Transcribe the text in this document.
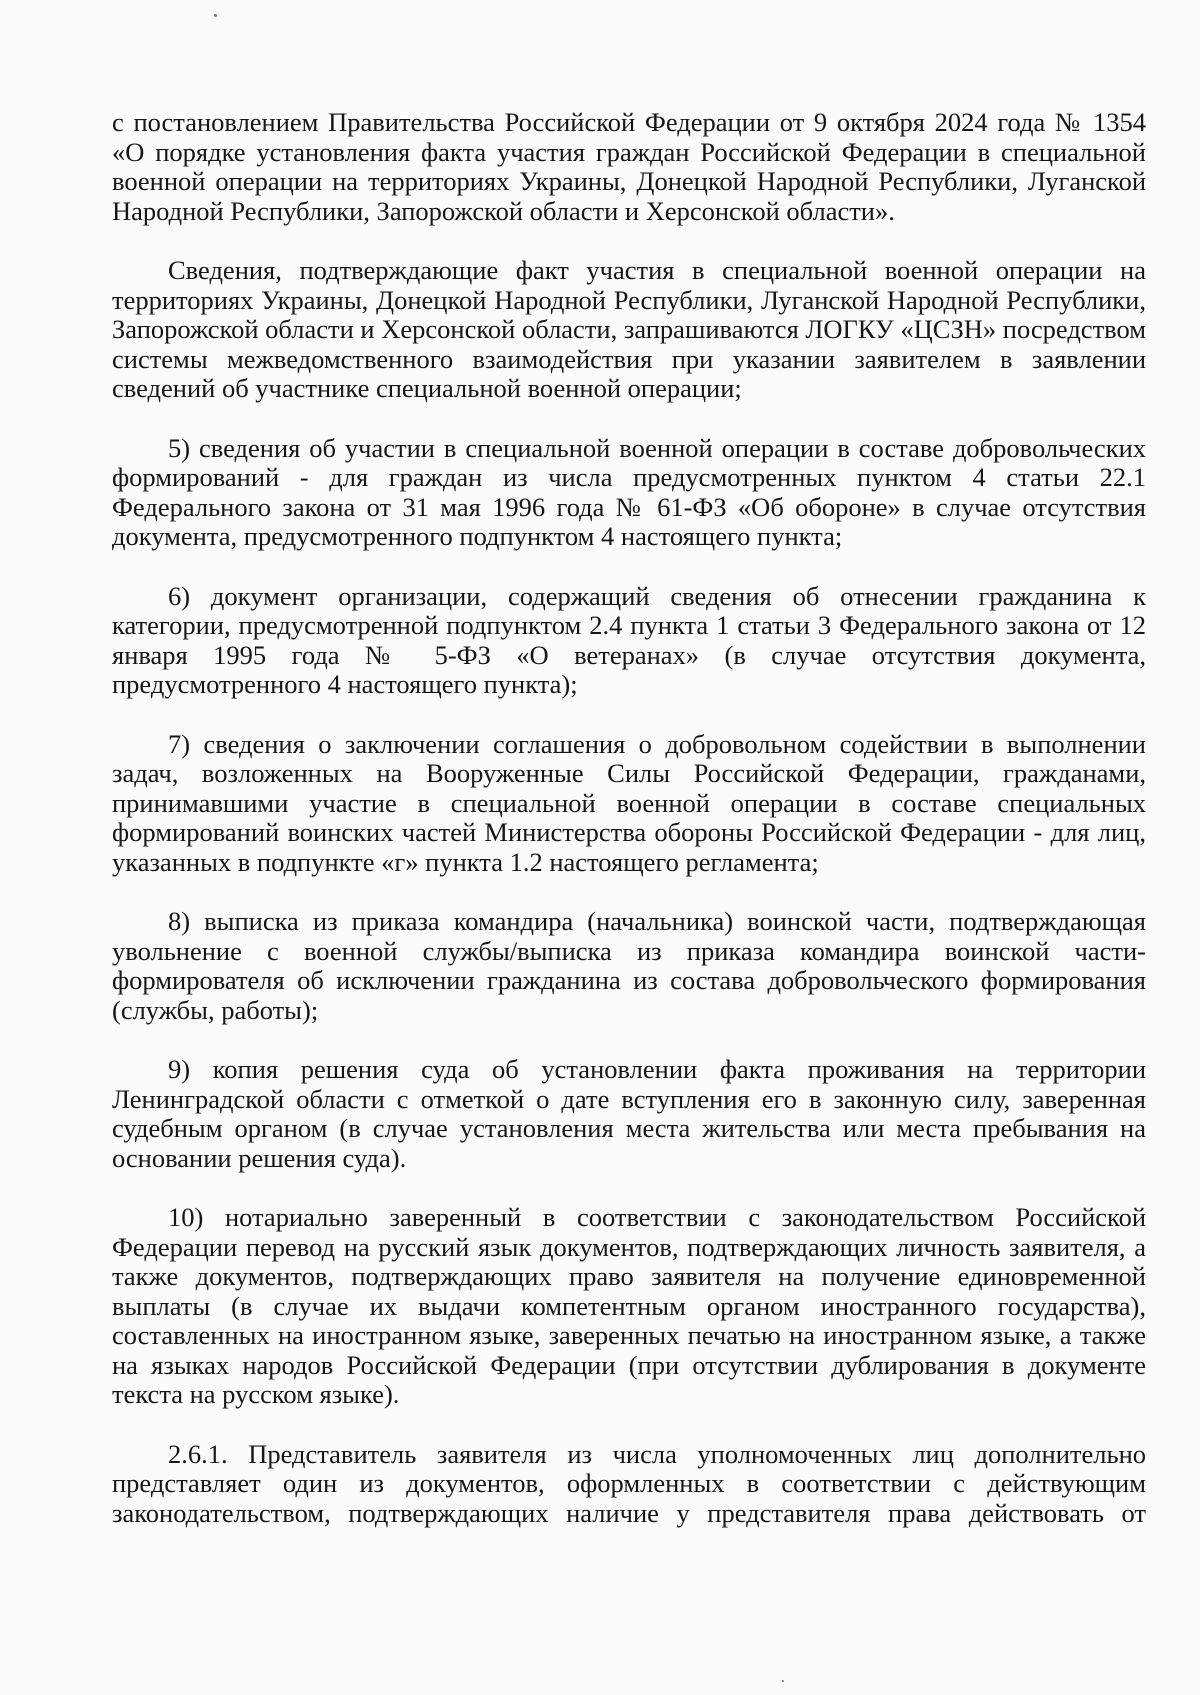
с постановлением Правительства Российской Федерации от 9 октября 2024 года № 1354 «О порядке установления факта участия граждан Российской Федерации в специальной военной операции на территориях Украины, Донецкой Народной Республики, Луганской Народной Республики, Запорожской области и Херсонской области».

Сведения, подтверждающие факт участия в специальной военной операции на территориях Украины, Донецкой Народной Республики, Луганской Народной Республики, Запорожской области и Херсонской области, запрашиваются ЛОГКУ «ЦСЗН» посредством системы межведомственного взаимодействия при указании заявителем в заявлении сведений об участнике специальной военной операции;

5) сведения об участии в специальной военной операции в составе добровольческих формирований - для граждан из числа предусмотренных пунктом 4 статьи 22.1 Федерального закона от 31 мая 1996 года № 61-ФЗ «Об обороне» в случае отсутствия документа, предусмотренного подпунктом 4 настоящего пункта;

6) документ организации, содержащий сведения об отнесении гражданина к категории, предусмотренной подпунктом 2.4 пункта 1 статьи 3 Федерального закона от 12 января 1995 года № 5-ФЗ «О ветеранах» (в случае отсутствия документа, предусмотренного 4 настоящего пункта);

7) сведения о заключении соглашения о добровольном содействии в выполнении задач, возложенных на Вооруженные Силы Российской Федерации, гражданами, принимавшими участие в специальной военной операции в составе специальных формирований воинских частей Министерства обороны Российской Федерации - для лиц, указанных в подпункте «г» пункта 1.2 настоящего регламента;

8) выписка из приказа командира (начальника) воинской части, подтверждающая увольнение с военной службы/выписка из приказа командира воинской части-формирователя об исключении гражданина из состава добровольческого формирования (службы, работы);

9) копия решения суда об установлении факта проживания на территории Ленинградской области с отметкой о дате вступления его в законную силу, заверенная судебным органом (в случае установления места жительства или места пребывания на основании решения суда).

10) нотариально заверенный в соответствии с законодательством Российской Федерации перевод на русский язык документов, подтверждающих личность заявителя, а также документов, подтверждающих право заявителя на получение единовременной выплаты (в случае их выдачи компетентным органом иностранного государства), составленных на иностранном языке, заверенных печатью на иностранном языке, а также на языках народов Российской Федерации (при отсутствии дублирования в документе текста на русском языке).

2.6.1. Представитель заявителя из числа уполномоченных лиц дополнительно представляет один из документов, оформленных в соответствии с действующим законодательством, подтверждающих наличие у представителя права действовать от
